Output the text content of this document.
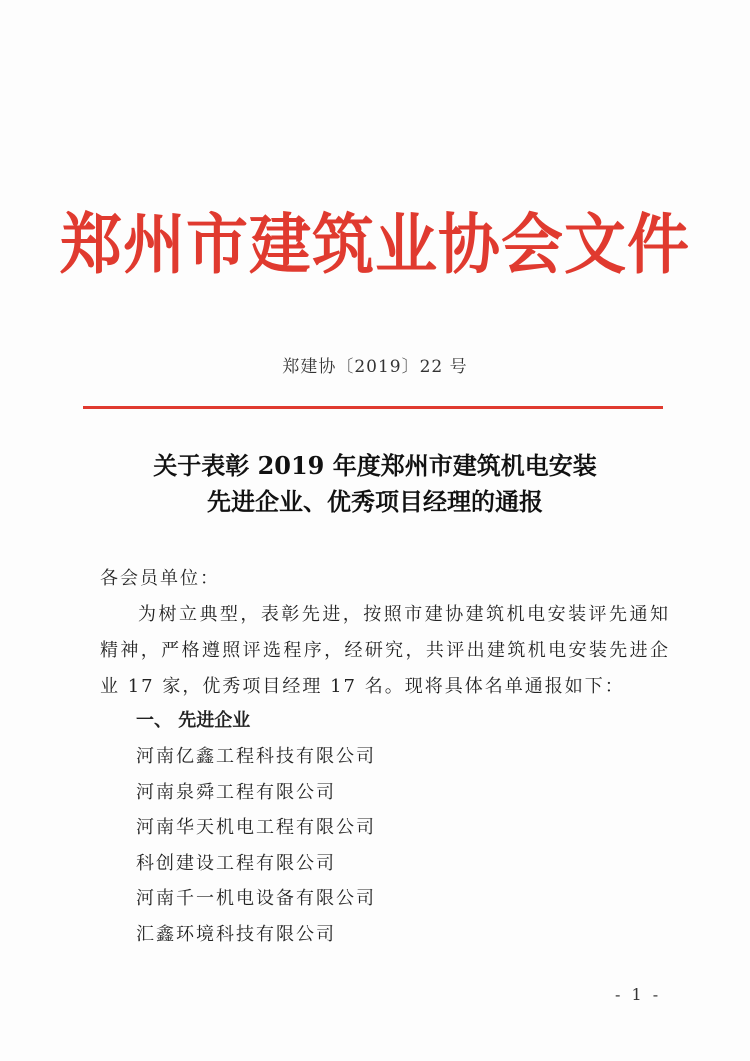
郑州市建筑业协会文件
郑建协〔2019〕22 号
关于表彰 2019 年度郑州市建筑机电安装
先进企业、优秀项目经理的通报
各会员单位：
为树立典型，表彰先进，按照市建协建筑机电安装评先通知精神，严格遵照评选程序，经研究，共评出建筑机电安装先进企业 17 家，优秀项目经理 17 名。现将具体名单通报如下：
一、 先进企业
河南亿鑫工程科技有限公司
河南泉舜工程有限公司
河南华天机电工程有限公司
科创建设工程有限公司
河南千一机电设备有限公司
汇鑫环境科技有限公司
- 1 -
